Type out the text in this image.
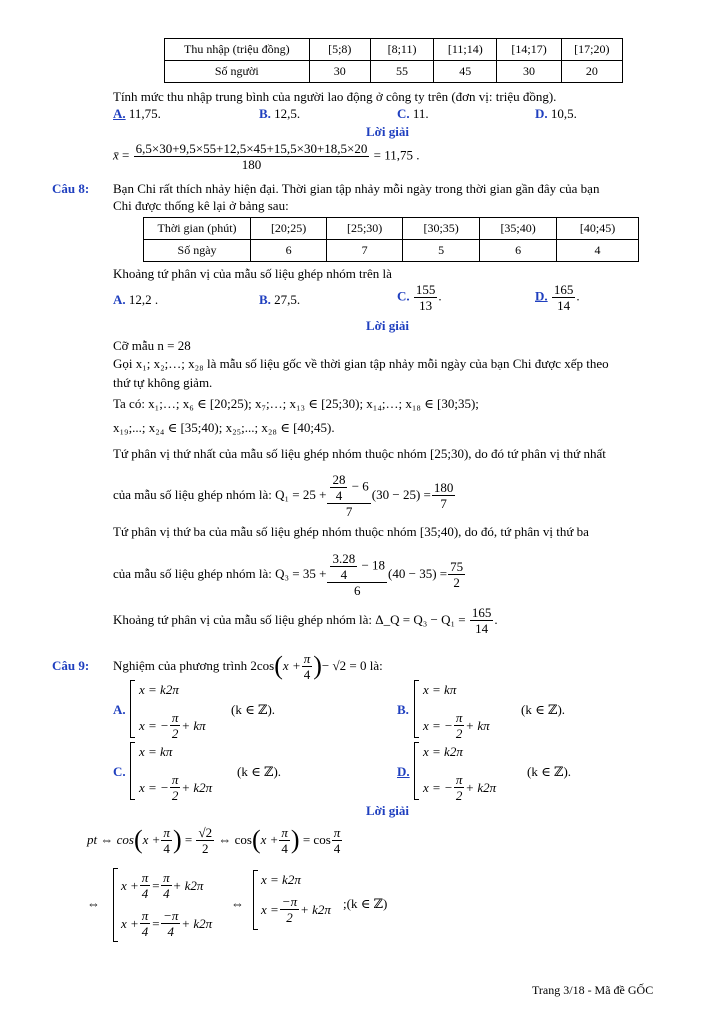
Thu nhập (triệu đồng)	[5;8)	[8;11)	[11;14)	[14;17)	[17;20)
Số người	30	55	45	30	20
Tính mức thu nhập trung bình của người lao động ở công ty trên (đơn vị: triệu đồng).
A. 11,75.	B. 12,5.	C. 11.	D. 10,5.
Lời giải
x̄ = $\frac{6,5\times 30+9,5\times 55+12,5\times 45+15,5\times 30+18,5\times 20}{180} = 11,75$ .
Câu 8: Bạn Chi rất thích nhảy hiện đại. Thời gian tập nhảy mỗi ngày trong thời gian gần đây của bạn
Chi được thống kê lại ở bảng sau:
Thời gian (phút)	[20;25)	[25;30)	[30;35)	[35;40)	[40;45)
Số ngày	6	7	5	6	4
Khoảng tứ phân vị của mẫu số liệu ghép nhóm trên là
A. 12,2 .	B. 27,5.	C. $\frac{155}{13}$ .	D. $\frac{165}{14}$ .
Lời giải
Cỡ mẫu n = 28
Gọi x₁; x₂;…; x₂₈ là mẫu số liệu gốc về thời gian tập nhảy mỗi ngày của bạn Chi được xếp theo
thứ tự không giảm.
Ta có: x₁;…; x₆ ∈ [20;25); x₇;…; x₁₃ ∈ [25;30); x₁₄;…; x₁₈ ∈ [30;35);
x₁₉;...; x₂₄ ∈ [35;40); x₂₅;...; x₂₈ ∈ [40;45).
Tứ phân vị thứ nhất của mẫu số liệu ghép nhóm thuộc nhóm [25;30), do đó tứ phân vị thứ nhất
của mẫu số liệu ghép nhóm là:
$Q_1 = 25 + \frac{\frac{28}{4} - 6}{7} (30 - 25) = \frac{180}{7}$
Tứ phân vị thứ ba của mẫu số liệu ghép nhóm thuộc nhóm [35;40), do đó, tứ phân vị thứ ba
của mẫu số liệu ghép nhóm là:
$Q_3 = 35 + \frac{\frac{3.28}{4} - 18}{6} (40 - 35) = \frac{75}{2}$
Khoảng tứ phân vị của mẫu số liệu ghép nhóm là: Δ_Q = Q₃ − Q₁ =
$\frac{165}{14}$ .
Câu 9:	Nghiệm của phương trình
2cos ( $x + \frac{\pi}{4}$ ) − √2 = 0 là:
A.
x = k2π
x = − $\frac{\pi}{2} + k\pi$
(k ∈ ℤ).	B.
x = kπ
x = − $\frac{\pi}{2} + k\pi$
(k ∈ ℤ).
C.
x = kπ
x = − $\frac{\pi}{2} + k2\pi$
(k ∈ ℤ).	D.
x = k2π
x = − $\frac{\pi}{2} + k2\pi$
(k ∈ ℤ).
Lời giải
pt ⇔ cos ( $x + \frac{\pi}{4}$ )
=
$\frac{√2}{2}$
⇔ cos ( $x + \frac{\pi}{4}$ )
= $\cos \frac{\pi}{4}$
⇔
$x + \frac{\pi}{4} = \frac{\pi}{4} + k2\pi$
$x + \frac{\pi}{4} = \frac{-\pi}{4} + k2\pi$
⇔
x = k2π
$x = \frac{-\pi}{2} + k2\pi$ ;(k ∈ ℤ)
Trang 3/18 - Mã đề GỐC
